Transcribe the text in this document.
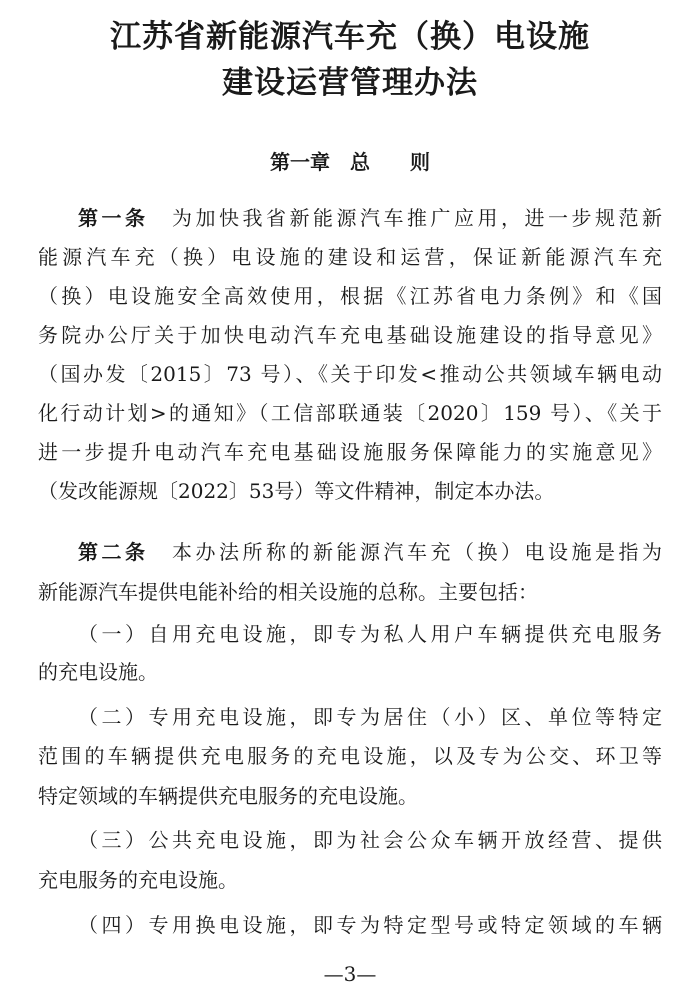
江苏省新能源汽车充（换）电设施
建设运营管理办法
第一章　总　　则
第一条　 为加快我省新能源汽车推广应用，进一步规范新
能源汽车充（换）电设施的建设和运营，保证新能源汽车充
（换）电设施安全高效使用，根据《江苏省电力条例》和《国
务院办公厅关于加快电动汽车充电基础设施建设的指导意见》
（国办发〔2015〕73 号）、《关于印发<推动公共领域车辆电动
化行动计划>的通知》（工信部联通装〔2020〕159 号）、《关于
进一步提升电动汽车充电基础设施服务保障能力的实施意见》
（发改能源规〔2022〕53号）等文件精神，制定本办法。
第二条　 本办法所称的新能源汽车充（换）电设施是指为
新能源汽车提供电能补给的相关设施的总称。主要包括：
（一）自用充电设施，即专为私人用户车辆提供充电服务
的充电设施。
（二）专用充电设施，即专为居住（小）区、单位等特定
范围的车辆提供充电服务的充电设施，以及专为公交、环卫等
特定领域的车辆提供充电服务的充电设施。
（三）公共充电设施，即为社会公众车辆开放经营、提供
充电服务的充电设施。
（四）专用换电设施，即专为特定型号或特定领域的车辆
—3—
